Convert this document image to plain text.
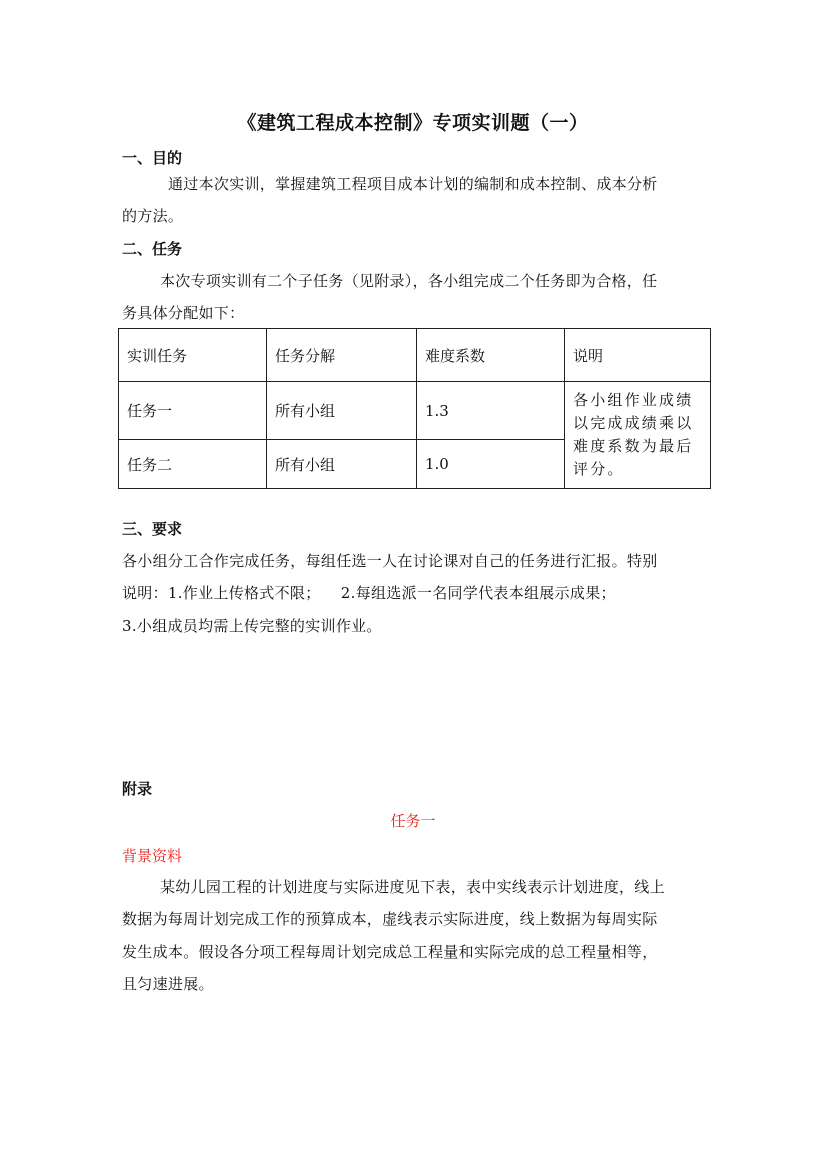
《建筑工程成本控制》专项实训题（一）
一、目的
通过本次实训，掌握建筑工程项目成本计划的编制和成本控制、成本分析
的方法。
二、任务
本次专项实训有二个子任务（见附录），各小组完成二个任务即为合格，任
务具体分配如下：
实训任务	任务分解	难度系数	说明
任务一	所有小组	1.3	各小组作业成绩以完成成绩乘以难度系数为最后评分。
任务二	所有小组	1.0	
三、要求
各小组分工合作完成任务，每组任选一人在讨论课对自己的任务进行汇报。特别
说明：1.作业上传格式不限；    2.每组选派一名同学代表本组展示成果；
3.小组成员均需上传完整的实训作业。
附录
任务一
背景资料
某幼儿园工程的计划进度与实际进度见下表，表中实线表示计划进度，线上
数据为每周计划完成工作的预算成本，虚线表示实际进度，线上数据为每周实际
发生成本。假设各分项工程每周计划完成总工程量和实际完成的总工程量相等，
且匀速进展。
